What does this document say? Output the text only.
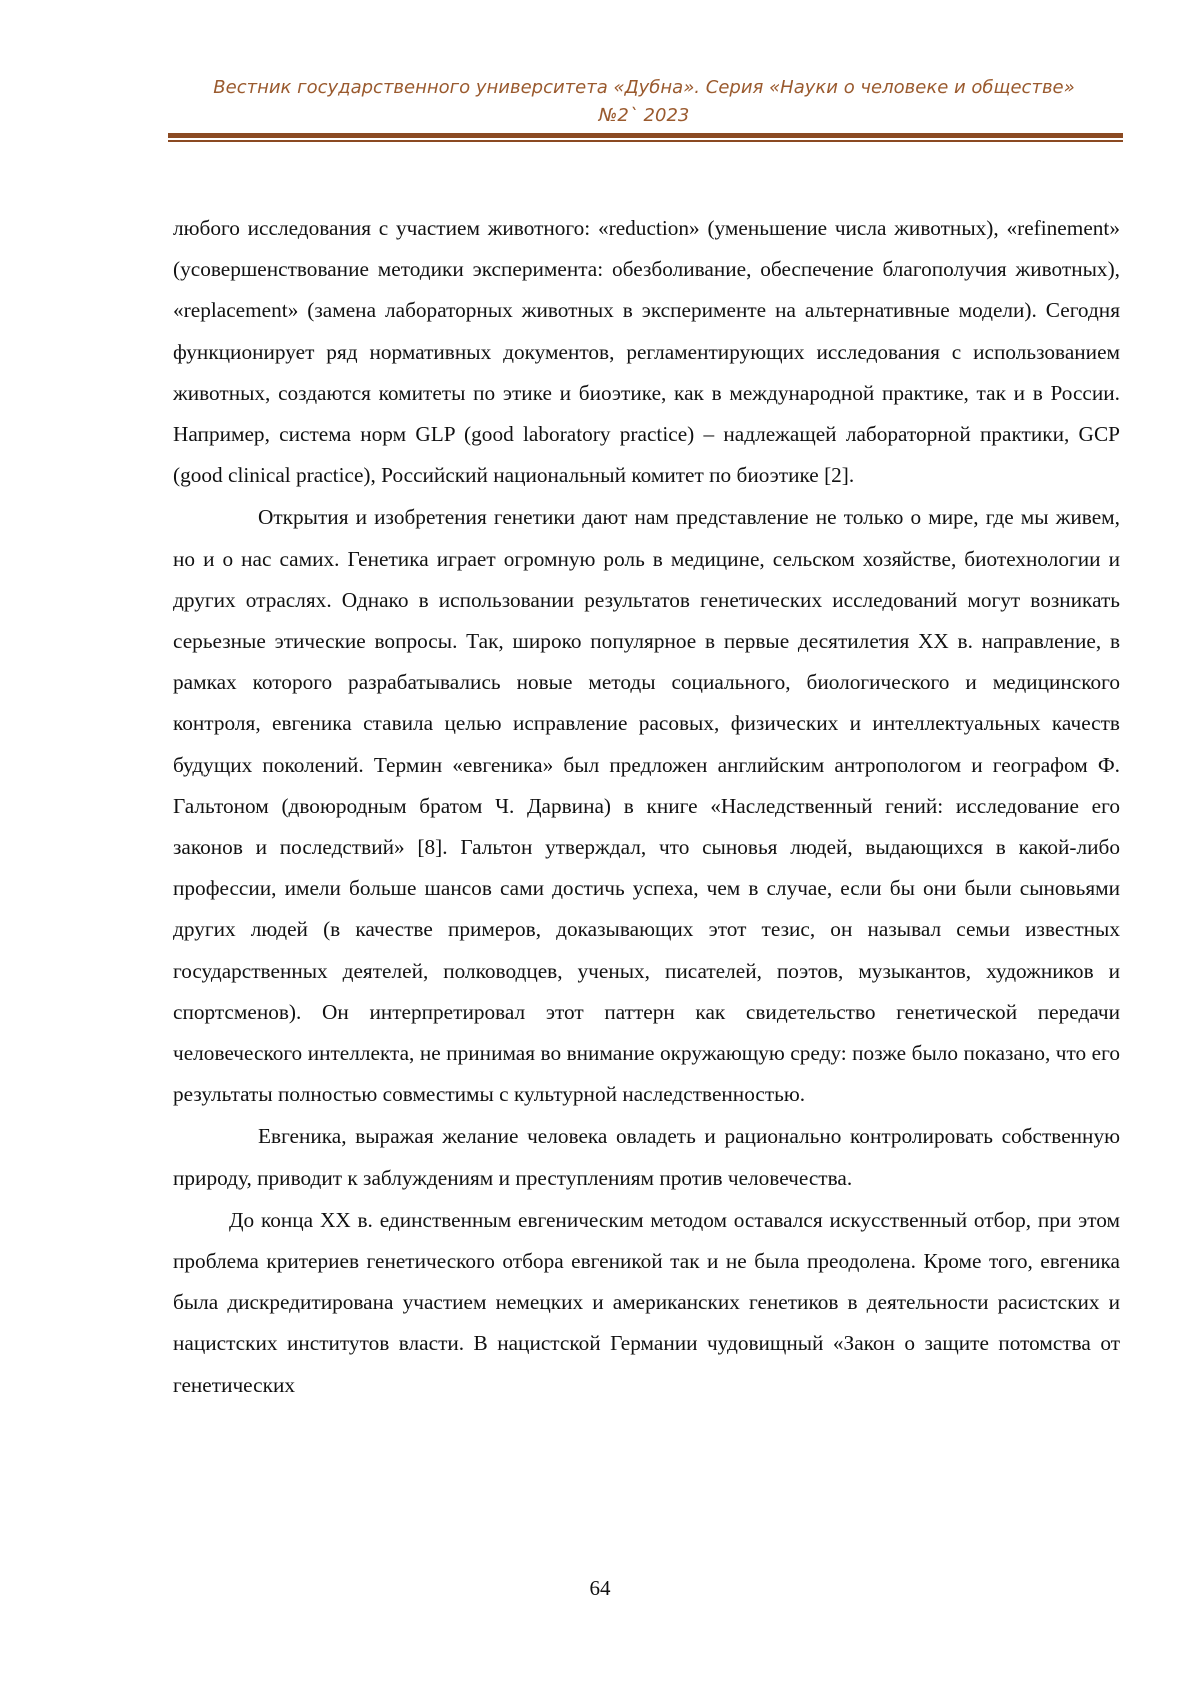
Вестник государственного университета «Дубна». Серия «Науки о человеке и обществе»
№2` 2023

любого исследования с участием животного: «reduction» (уменьшение числа животных), «refinement» (усовершенствование методики эксперимента: обезболивание, обеспечение благополучия животных), «replacement» (замена лабораторных животных в эксперименте на альтернативные модели). Сегодня функционирует ряд нормативных документов, регламентирующих исследования с использованием животных, создаются комитеты по этике и биоэтике, как в международной практике, так и в России. Например, система норм GLP (good laboratory practice) – надлежащей лабораторной практики, GCP (good clinical practice), Российский национальный комитет по биоэтике [2].

Открытия и изобретения генетики дают нам представление не только о мире, где мы живем, но и о нас самих. Генетика играет огромную роль в медицине, сельском хозяйстве, биотехнологии и других отраслях. Однако в использовании результатов генетических исследований могут возникать серьезные этические вопросы. Так, широко популярное в первые десятилетия XX в. направление, в рамках которого разрабатывались новые методы социального, биологического и медицинского контроля, евгеника ставила целью исправление расовых, физических и интеллектуальных качеств будущих поколений. Термин «евгеника» был предложен английским антропологом и географом Ф. Гальтоном (двоюродным братом Ч. Дарвина) в книге «Наследственный гений: исследование его законов и последствий» [8]. Гальтон утверждал, что сыновья людей, выдающихся в какой-либо профессии, имели больше шансов сами достичь успеха, чем в случае, если бы они были сыновьями других людей (в качестве примеров, доказывающих этот тезис, он называл семьи известных государственных деятелей, полководцев, ученых, писателей, поэтов, музыкантов, художников и спортсменов). Он интерпретировал этот паттерн как свидетельство генетической передачи человеческого интеллекта, не принимая во внимание окружающую среду: позже было показано, что его результаты полностью совместимы с культурной наследственностью.

Евгеника, выражая желание человека овладеть и рационально контролировать собственную природу, приводит к заблуждениям и преступлениям против человечества.

До конца XX в. единственным евгеническим методом оставался искусственный отбор, при этом проблема критериев генетического отбора евгеникой так и не была преодолена. Кроме того, евгеника была дискредитирована участием немецких и американских генетиков в деятельности расистских и нацистских институтов власти. В нацистской Германии чудовищный «Закон о защите потомства от генетических

64
